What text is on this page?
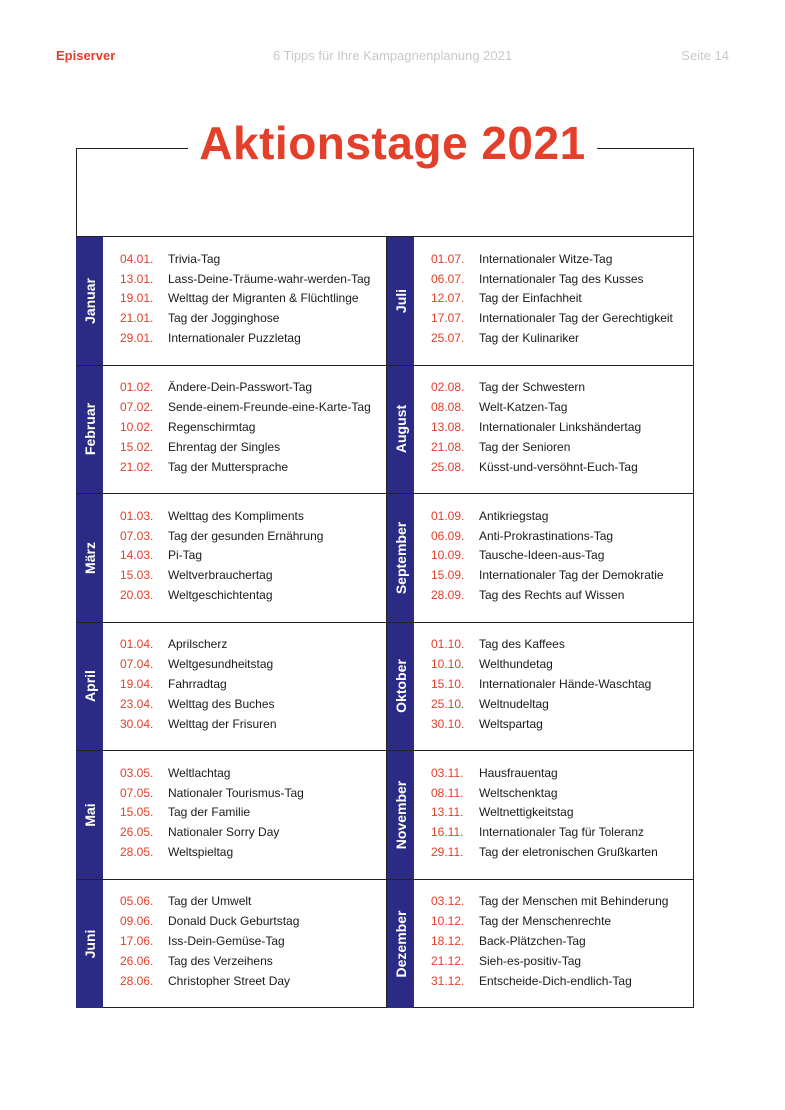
Episerver	6 Tipps für Ihre Kampagnenplanung 2021	Seite 14
Aktionstage 2021
Januar
04.01.	Trivia-Tag
13.01.	Lass-Deine-Träume-wahr-werden-Tag
19.01.	Welttag der Migranten & Flüchtlinge
21.01.	Tag der Jogginghose
29.01.	Internationaler Puzzletag
Juli
01.07.	Internationaler Witze-Tag
06.07.	Internationaler Tag des Kusses
12.07.	Tag der Einfachheit
17.07.	Internationaler Tag der Gerechtigkeit
25.07.	Tag der Kulinariker
Februar
01.02.	Ändere-Dein-Passwort-Tag
07.02.	Sende-einem-Freunde-eine-Karte-Tag
10.02.	Regenschirmtag
15.02.	Ehrentag der Singles
21.02.	Tag der Muttersprache
August
02.08.	Tag der Schwestern
08.08.	Welt-Katzen-Tag
13.08.	Internationaler Linkshändertag
21.08.	Tag der Senioren
25.08.	Küsst-und-versöhnt-Euch-Tag
März
01.03.	Welttag des Kompliments
07.03.	Tag der gesunden Ernährung
14.03.	Pi-Tag
15.03.	Weltverbrauchertag
20.03.	Weltgeschichtentag
September
01.09.	Antikriegstag
06.09.	Anti-Prokrastinations-Tag
10.09.	Tausche-Ideen-aus-Tag
15.09.	Internationaler Tag der Demokratie
28.09.	Tag des Rechts auf Wissen
April
01.04.	Aprilscherz
07.04.	Weltgesundheitstag
19.04.	Fahrradtag
23.04.	Welttag des Buches
30.04.	Welttag der Frisuren
Oktober
01.10.	Tag des Kaffees
10.10.	Welthundetag
15.10.	Internationaler Hände-Waschtag
25.10.	Weltnudeltag
30.10.	Weltspartag
Mai
03.05.	Weltlachtag
07.05.	Nationaler Tourismus-Tag
15.05.	Tag der Familie
26.05.	Nationaler Sorry Day
28.05.	Weltspieltag
November
03.11.	Hausfrauentag
08.11.	Weltschenktag
13.11.	Weltnettigkeitstag
16.11.	Internationaler Tag für Toleranz
29.11.	Tag der eletronischen Grußkarten
Juni
05.06.	Tag der Umwelt
09.06.	Donald Duck Geburtstag
17.06.	Iss-Dein-Gemüse-Tag
26.06.	Tag des Verzeihens
28.06.	Christopher Street Day
Dezember
03.12.	Tag der Menschen mit Behinderung
10.12.	Tag der Menschenrechte
18.12.	Back-Plätzchen-Tag
21.12.	Sieh-es-positiv-Tag
31.12.	Entscheide-Dich-endlich-Tag
